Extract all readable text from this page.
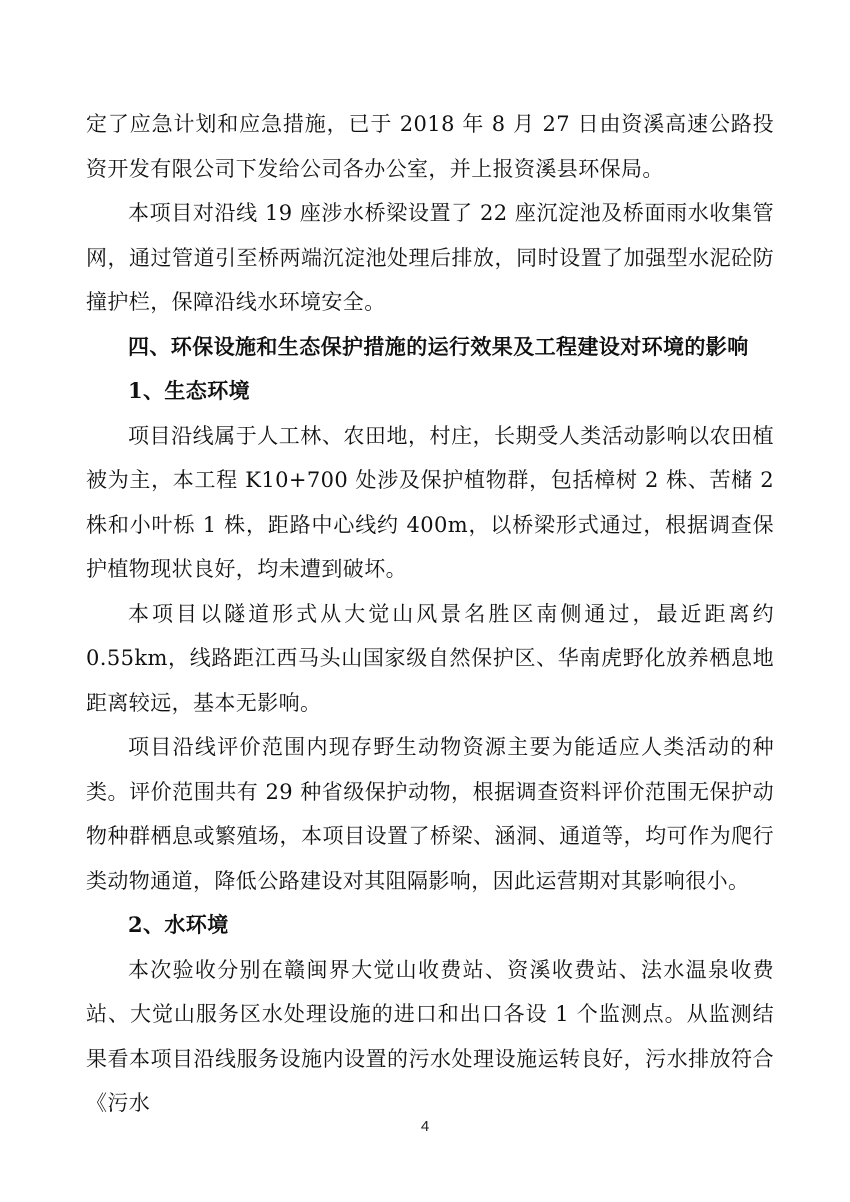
定了应急计划和应急措施，已于 2018 年 8 月 27 日由资溪高速公路投资开发有限公司下发给公司各办公室，并上报资溪县环保局。

本项目对沿线 19 座涉水桥梁设置了 22 座沉淀池及桥面雨水收集管网，通过管道引至桥两端沉淀池处理后排放，同时设置了加强型水泥砼防撞护栏，保障沿线水环境安全。

四、环保设施和生态保护措施的运行效果及工程建设对环境的影响

1、生态环境

项目沿线属于人工林、农田地，村庄，长期受人类活动影响以农田植被为主，本工程 K10+700 处涉及保护植物群，包括樟树 2 株、苦槠 2 株和小叶栎 1 株，距路中心线约 400m，以桥梁形式通过，根据调查保护植物现状良好，均未遭到破坏。

本项目以隧道形式从大觉山风景名胜区南侧通过，最近距离约 0.55km，线路距江西马头山国家级自然保护区、华南虎野化放养栖息地距离较远，基本无影响。

项目沿线评价范围内现存野生动物资源主要为能适应人类活动的种类。评价范围共有 29 种省级保护动物，根据调查资料评价范围无保护动物种群栖息或繁殖场，本项目设置了桥梁、涵洞、通道等，均可作为爬行类动物通道，降低公路建设对其阻隔影响，因此运营期对其影响很小。

2、水环境

本次验收分别在赣闽界大觉山收费站、资溪收费站、法水温泉收费站、大觉山服务区水处理设施的进口和出口各设 1 个监测点。从监测结果看本项目沿线服务设施内设置的污水处理设施运转良好，污水排放符合《污水

4
